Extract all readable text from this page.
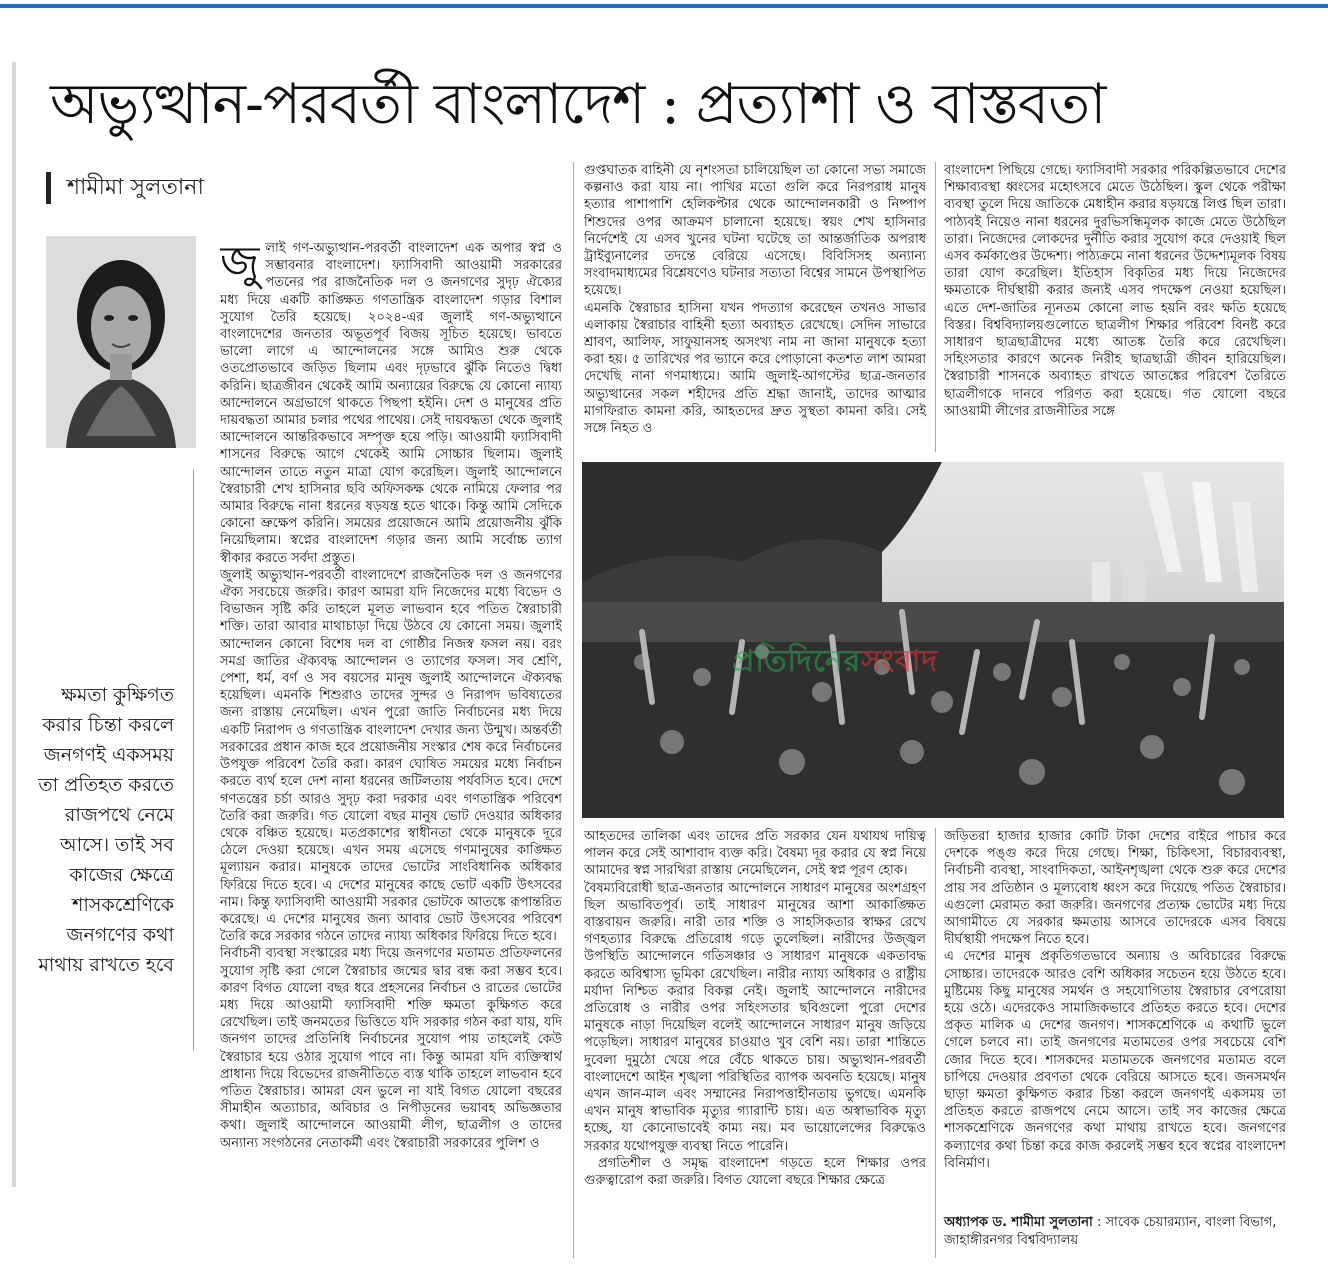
অভ্যুত্থান-পরবর্তী বাংলাদেশ : প্রত্যাশা ও বাস্তবতা
শামীমা সুলতানা
ক্ষমতা কুক্ষিগত করার চিন্তা করলে জনগণই একসময় তা প্রতিহত করতে রাজপথে নেমে আসে। তাই সব কাজের ক্ষেত্রে শাসকশ্রেণিকে জনগণের কথা মাথায় রাখতে হবে
জু লাই গণ-অভ্যুত্থান-পরবর্তী বাংলাদেশ এক অপার স্বপ্ন ও সম্ভাবনার বাংলাদেশ। ফ্যাসিবাদী আওয়ামী সরকারের পতনের পর রাজনৈতিক দল ও জনগণের সুদৃঢ় ঐক্যের মধ্য দিয়ে একটি কাঙ্ক্ষিত গণতান্ত্রিক বাংলাদেশ গড়ার বিশাল সুযোগ তৈরি হয়েছে। ২০২৪-এর জুলাই গণ-অভ্যুত্থানে বাংলাদেশের জনতার অভূতপূর্ব বিজয় সূচিত হয়েছে। ভাবতে ভালো লাগে এ আন্দোলনের সঙ্গে আমিও শুরু থেকে ওতপ্রোতভাবে জড়িত ছিলাম এবং দৃঢ়ভাবে ঝুঁকি নিতেও দ্বিধা করিনি। ছাত্রজীবন থেকেই আমি অন্যায়ের বিরুদ্ধে যে কোনো ন্যায্য আন্দোলনে অগ্রভাগে থাকতে পিছপা হইনি। দেশ ও মানুষের প্রতি দায়বদ্ধতা আমার চলার পথের পাথেয়। সেই দায়বদ্ধতা থেকে জুলাই আন্দোলনে আন্তরিকভাবে সম্পৃক্ত হয়ে পড়ি। আওয়ামী ফ্যাসিবাদী শাসনের বিরুদ্ধে আগে থেকেই আমি সোচ্চার ছিলাম। জুলাই আন্দোলন তাতে নতুন মাত্রা যোগ করেছিল। জুলাই আন্দোলনে স্বৈরাচারী শেখ হাসিনার ছবি অফিসকক্ষ থেকে নামিয়ে ফেলার পর আমার বিরুদ্ধে নানা ধরনের ষড়যন্ত্র হতে থাকে। কিন্তু আমি সেদিকে কোনো ভ্রুক্ষেপ করিনি। সময়ের প্রয়োজনে আমি প্রয়োজনীয় ঝুঁকি নিয়েছিলাম। স্বপ্নের বাংলাদেশ গড়ার জন্য আমি সর্বোচ্চ ত্যাগ স্বীকার করতে সর্বদা প্রস্তুত।

জুলাই অভ্যুত্থান-পরবর্তী বাংলাদেশে রাজনৈতিক দল ও জনগণের ঐক্য সবচেয়ে জরুরি। কারণ আমরা যদি নিজেদের মধ্যে বিভেদ ও বিভাজন সৃষ্টি করি তাহলে মূলত লাভবান হবে পতিত স্বৈরাচারী শক্তি। তারা আবার মাথাচাড়া দিয়ে উঠবে যে কোনো সময়। জুলাই আন্দোলন কোনো বিশেষ দল বা গোষ্ঠীর নিজস্ব ফসল নয়। বরং সমগ্র জাতির ঐক্যবদ্ধ আন্দোলন ও ত্যাগের ফসল। সব শ্রেণি, পেশা, ধর্ম, বর্ণ ও সব বয়সের মানুষ জুলাই আন্দোলনে ঐক্যবদ্ধ হয়েছিল। এমনকি শিশুরাও তাদের সুন্দর ও নিরাপদ ভবিষ্যতের জন্য রাস্তায় নেমেছিল। এখন পুরো জাতি নির্বাচনের মধ্য দিয়ে একটি নিরাপদ ও গণতান্ত্রিক বাংলাদেশ দেখার জন্য উন্মুখ। অন্তর্বর্তী সরকারের প্রধান কাজ হবে প্রয়োজনীয় সংস্কার শেষ করে নির্বাচনের উপযুক্ত পরিবেশ তৈরি করা। কারণ ঘোষিত সময়ের মধ্যে নির্বাচন করতে ব্যর্থ হলে দেশ নানা ধরনের জটিলতায় পর্যবসিত হবে। দেশে গণতন্ত্রের চর্চা আরও সুদৃঢ় করা দরকার এবং গণতান্ত্রিক পরিবেশ তৈরি করা জরুরি। গত যোলো বছর মানুষ ভোট দেওয়ার অধিকার থেকে বঞ্চিত হয়েছে। মতপ্রকাশের স্বাধীনতা থেকে মানুষকে দূরে ঠেলে দেওয়া হয়েছে। এখন সময় এসেছে গণমানুষের কাঙ্ক্ষিত মূল্যায়ন করার। মানুষকে তাদের ভোটের সাংবিধানিক অধিকার ফিরিয়ে দিতে হবে। এ দেশের মানুষের কাছে ভোট একটি উৎসবের নাম। কিন্তু ফ্যাসিবাদী আওয়ামী সরকার ভোটকে আতঙ্কে রূপান্তরিত করেছে। এ দেশের মানুষের জন্য আবার ভোট উৎসবের পরিবেশ তৈরি করে সরকার গঠনে তাদের ন্যায্য অধিকার ফিরিয়ে দিতে হবে।

নির্বাচনী ব্যবস্থা সংস্কারের মধ্য দিয়ে জনগণের মতামত প্রতিফলনের সুযোগ সৃষ্টি করা গেলে স্বৈরাচার জন্মের দ্বার বন্ধ করা সম্ভব হবে। কারণ বিগত যোলো বছর ধরে প্রহসনের নির্বাচন ও রাতের ভোটের মধ্য দিয়ে আওয়ামী ফ্যাসিবাদী শক্তি ক্ষমতা কুক্ষিগত করে রেখেছিল। তাই জনমতের ভিত্তিতে যদি সরকার গঠন করা যায়, যদি জনগণ তাদের প্রতিনিধি নির্বাচনের সুযোগ পায় তাহলেই কেউ স্বৈরাচার হয়ে ওঠার সুযোগ পাবে না। কিন্তু আমরা যদি ব্যক্তিস্বার্থ প্রাধান্য দিয়ে বিভেদের রাজনীতিতে ব্যস্ত থাকি তাহলে লাভবান হবে পতিত স্বৈরাচার। আমরা যেন ভুলে না যাই বিগত যোলো বছরের সীমাহীন অত্যাচার, অবিচার ও নিপীড়নের ভয়াবহ অভিজ্ঞতার কথা। জুলাই আন্দোলনে আওয়ামী লীগ, ছাত্রলীগ ও তাদের অন্যান্য সংগঠনের নেতাকর্মী এবং স্বৈরাচারী সরকারের পুলিশ ও

গুপ্তঘাতক বাহিনী যে নৃশংসতা চালিয়েছিল তা কোনো সভ্য সমাজে কল্পনাও করা যায় না। পাখির মতো গুলি করে নিরপরাধ মানুষ হত্যার পাশাপাশি হেলিকপ্টার থেকে আন্দোলনকারী ও নিষ্পাপ শিশুদের ওপর আক্রমণ চালানো হয়েছে। স্বয়ং শেখ হাসিনার নির্দেশেই যে এসব খুনের ঘটনা ঘটেছে তা আন্তর্জাতিক অপরাধ ট্রাইব্যুনালের তদন্তে বেরিয়ে এসেছে। বিবিসিসহ অন্যান্য সংবাদমাধ্যমের বিশ্লেষণেও ঘটনার সত্যতা বিশ্বের সামনে উপস্থাপিত হয়েছে।

এমনকি স্বৈরাচার হাসিনা যখন পদত্যাগ করেছেন তখনও সাভার এলাকায় স্বৈরাচার বাহিনী হত্যা অব্যাহত রেখেছে। সেদিন সাভারে শ্রাবণ, আলিফ, সাফুয়ানসহ অসংখ্য নাম না জানা মানুষকে হত্যা করা হয়। ৫ তারিখের পর ভ্যানে করে পোড়ানো কতশত লাশ আমরা দেখেছি নানা গণমাধ্যমে। আমি জুলাই-আগস্টের ছাত্র-জনতার অভ্যুত্থানের সকল শহীদের প্রতি শ্রদ্ধা জানাই, তাদের আত্মার মাগফিরাত কামনা করি, আহতদের দ্রুত সুস্থতা কামনা করি। সেই সঙ্গে নিহত ও

বাংলাদেশ পিছিয়ে গেছে। ফ্যাসিবাদী সরকার পরিকল্পিতভাবে দেশের শিক্ষাব্যবস্থা ধ্বংসের মহোৎসবে মেতে উঠেছিল। স্কুল থেকে পরীক্ষা ব্যবস্থা তুলে দিয়ে জাতিকে মেধাহীন করার ষড়যন্ত্রে লিপ্ত ছিল তারা। পাঠ্যবই নিয়েও নানা ধরনের দুরভিসন্ধিমূলক কাজে মেতে উঠেছিল তারা। নিজেদের লোকদের দুর্নীতি করার সুযোগ করে দেওয়াই ছিল এসব কর্মকাণ্ডের উদ্দেশ্য। পাঠ্যক্রমে নানা ধরনের উদ্দেশ্যমূলক বিষয় তারা যোগ করেছিল। ইতিহাস বিকৃতির মধ্য দিয়ে নিজেদের ক্ষমতাকে দীর্ঘস্থায়ী করার জন্যই এসব পদক্ষেপ নেওয়া হয়েছিল। এতে দেশ-জাতির ন্যূনতম কোনো লাভ হয়নি বরং ক্ষতি হয়েছে বিস্তর। বিশ্ববিদ্যালয়গুলোতে ছাত্রলীগ শিক্ষার পরিবেশ বিনষ্ট করে সাধারণ ছাত্রছাত্রীদের মধ্যে আতঙ্ক তৈরি করে রেখেছিল। সহিংসতার কারণে অনেক নিরীহ ছাত্রছাত্রী জীবন হারিয়েছিল। স্বৈরাচারী শাসনকে অব্যাহত রাখতে আতঙ্কের পরিবেশ তৈরিতে ছাত্রলীগকে দানবে পরিণত করা হয়েছে। গত যোলো বছরে আওয়ামী লীগের রাজনীতির সঙ্গে

প্রতিদিনেরসংবাদ

আহতদের তালিকা এবং তাদের প্রতি সরকার যেন যথাযথ দায়িত্ব পালন করে সেই আশাবাদ ব্যক্ত করি। বৈষম্য দূর করার যে স্বপ্ন নিয়ে আমাদের স্বপ্ন সারথিরা রাস্তায় নেমেছিলেন, সেই স্বপ্ন পূরণ হোক।

বৈষম্যবিরোধী ছাত্র-জনতার আন্দোলনে সাধারণ মানুষের অংশগ্রহণ ছিল অভাবিতপূর্ব। তাই সাধারণ মানুষের আশা আকাঙ্ক্ষিত বাস্তবায়ন জরুরি। নারী তার শক্তি ও সাহসিকতার স্বাক্ষর রেখে গণহত্যার বিরুদ্ধে প্রতিরোধ গড়ে তুলেছিল। নারীদের উজ্জ্বল উপস্থিতি আন্দোলনে গতিসঞ্চার ও সাধারণ মানুষকে একতাবদ্ধ করতে অবিশ্বাস্য ভূমিকা রেখেছিল। নারীর ন্যায্য অধিকার ও রাষ্ট্রীয় মর্যাদা নিশ্চিত করার বিকল্প নেই। জুলাই আন্দোলনে নারীদের প্রতিরোধ ও নারীর ওপর সহিংসতার ছবিগুলো পুরো দেশের মানুষকে নাড়া দিয়েছিল বলেই আন্দোলনে সাধারণ মানুষ জড়িয়ে পড়েছিল। সাধারণ মানুষের চাওয়াও খুব বেশি নয়। তারা শান্তিতে দুবেলা দুমুঠো খেয়ে পরে বেঁচে থাকতে চায়। অভ্যুত্থান-পরবর্তী বাংলাদেশে আইন শৃঙ্খলা পরিস্থিতির ব্যাপক অবনতি হয়েছে। মানুষ এখন জান-মাল এবং সম্মানের নিরাপত্তাহীনতায় ভুগছে। এমনকি এখন মানুষ স্বাভাবিক মৃত্যুর গ্যারান্টি চায়। এত অস্বাভাবিক মৃত্যু হচ্ছে, যা কোনোভাবেই কাম্য নয়। মব ভায়োলেন্সের বিরুদ্ধেও সরকার যথোপযুক্ত ব্যবস্থা নিতে পারেনি।

প্রগতিশীল ও সমৃদ্ধ বাংলাদেশ গড়তে হলে শিক্ষার ওপর গুরুত্বারোপ করা জরুরি। বিগত যোলো বছরে শিক্ষার ক্ষেত্রে

জড়িতরা হাজার হাজার কোটি টাকা দেশের বাইরে পাচার করে দেশকে পঙ্গু করে দিয়ে গেছে। শিক্ষা, চিকিৎসা, বিচারব্যবস্থা, নির্বাচনী ব্যবস্থা, সাংবাদিকতা, আইনশৃঙ্খলা থেকে শুরু করে দেশের প্রায় সব প্রতিষ্ঠান ও মূল্যবোধ ধ্বংস করে দিয়েছে পতিত স্বৈরাচার। এগুলো মেরামত করা জরুরি। জনগণের প্রত্যক্ষ ভোটের মধ্য দিয়ে আগামীতে যে সরকার ক্ষমতায় আসবে তাদেরকে এসব বিষয়ে দীর্ঘস্থায়ী পদক্ষেপ নিতে হবে।

এ দেশের মানুষ প্রকৃতিগতভাবে অন্যায় ও অবিচারের বিরুদ্ধে সোচ্চার। তাদেরকে আরও বেশি অধিকার সচেতন হয়ে উঠতে হবে। মুষ্টিমেয় কিছু মানুষের সমর্থন ও সহযোগিতায় স্বৈরাচার বেপরোয়া হয়ে ওঠে। এদেরকেও সামাজিকভাবে প্রতিহত করতে হবে। দেশের প্রকৃত মালিক এ দেশের জনগণ। শাসকশ্রেণিকে এ কথাটি ভুলে গেলে চলবে না। তাই জনগণের মতামতের ওপর সবচেয়ে বেশি জোর দিতে হবে। শাসকদের মতামতকে জনগণের মতামত বলে চাপিয়ে দেওয়ার প্রবণতা থেকে বেরিয়ে আসতে হবে। জনসমর্থন ছাড়া ক্ষমতা কুক্ষিগত করার চিন্তা করলে জনগণই একসময় তা প্রতিহত করতে রাজপথে নেমে আসে। তাই সব কাজের ক্ষেত্রে শাসকশ্রেণিকে জনগণের কথা মাথায় রাখতে হবে। জনগণের কল্যাণের কথা চিন্তা করে কাজ করলেই সম্ভব হবে স্বপ্নের বাংলাদেশ বিনির্মাণ।

অধ্যাপক ড. শামীমা সুলতানা : সাবেক চেয়ারম্যান, বাংলা বিভাগ, জাহাঙ্গীরনগর বিশ্ববিদ্যালয়
